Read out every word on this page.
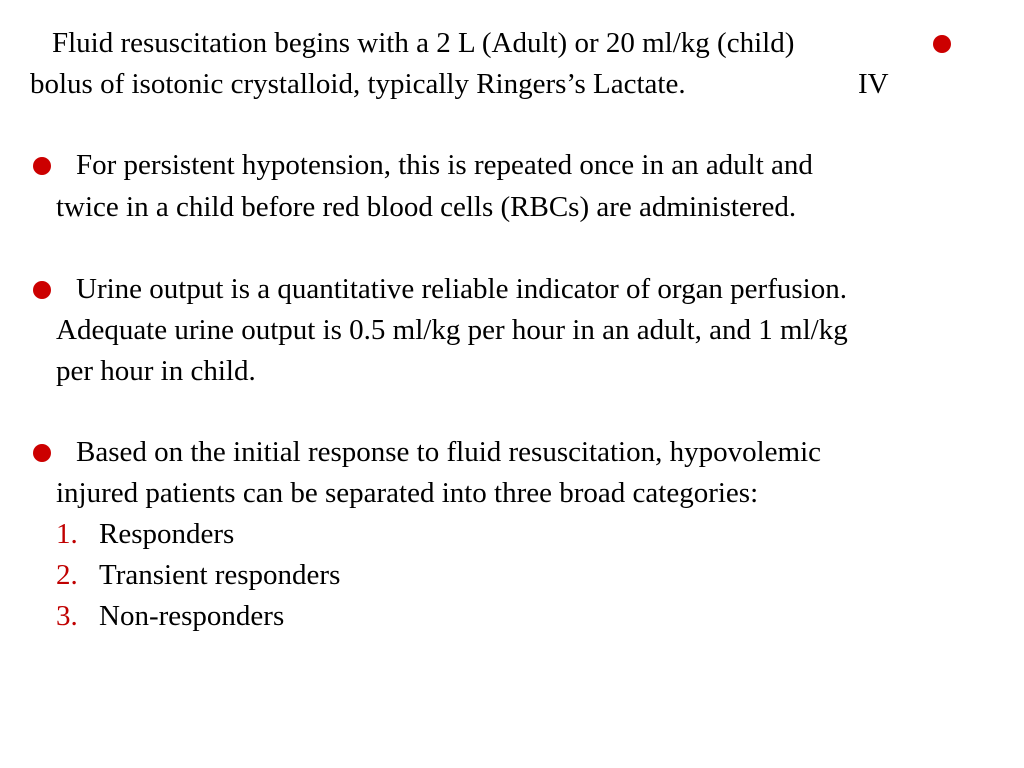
Fluid resuscitation begins with a 2 L (Adult) or 20 ml/kg (child)
bolus of isotonic crystalloid, typically Ringers’s Lactate.	IV
For persistent hypotension, this is repeated once in an adult and
twice in a child before red blood cells (RBCs) are administered.
Urine output is a quantitative reliable indicator of organ perfusion.
Adequate urine output is 0.5 ml/kg per hour in an adult, and 1 ml/kg
per hour in child.
Based on the initial response to fluid resuscitation, hypovolemic
injured patients can be separated into three broad categories:
1. Responders
2. Transient responders
3. Non-responders
